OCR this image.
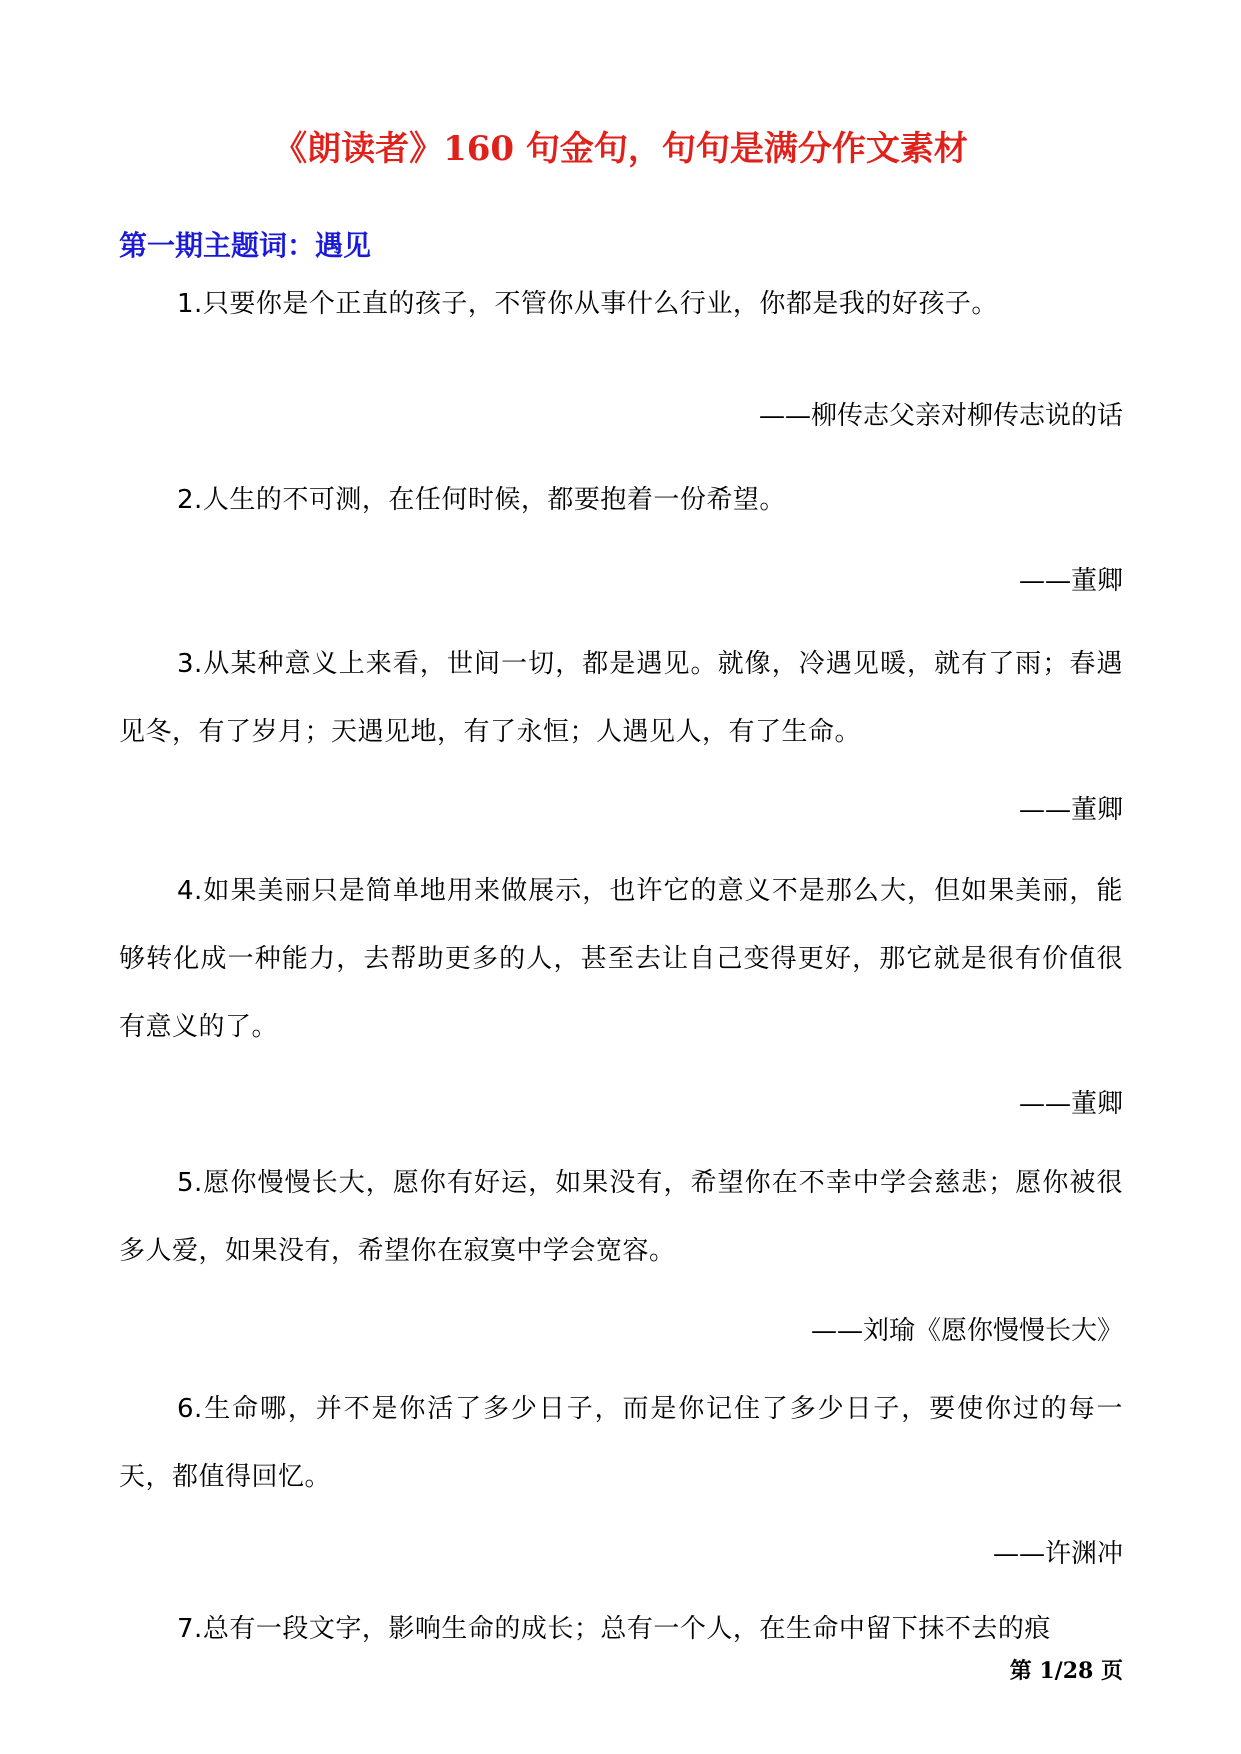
《朗读者》160 句金句，句句是满分作文素材
第一期主题词：遇见

1.只要你是个正直的孩子，不管你从事什么行业，你都是我的好孩子。

——柳传志父亲对柳传志说的话

2.人生的不可测，在任何时候，都要抱着一份希望。

——董卿

3.从某种意义上来看，世间一切，都是遇见。就像，冷遇见暖，就有了雨；春遇见冬，有了岁月；天遇见地，有了永恒；人遇见人，有了生命。

——董卿

4.如果美丽只是简单地用来做展示，也许它的意义不是那么大，但如果美丽，能够转化成一种能力，去帮助更多的人，甚至去让自己变得更好，那它就是很有价值很有意义的了。

——董卿

5.愿你慢慢长大，愿你有好运，如果没有，希望你在不幸中学会慈悲；愿你被很多人爱，如果没有，希望你在寂寞中学会宽容。

——刘瑜《愿你慢慢长大》

6.生命哪，并不是你活了多少日子，而是你记住了多少日子，要使你过的每一天，都值得回忆。

——许渊冲

7.总有一段文字，影响生命的成长；总有一个人，在生命中留下抹不去的痕

第 1/28 页
